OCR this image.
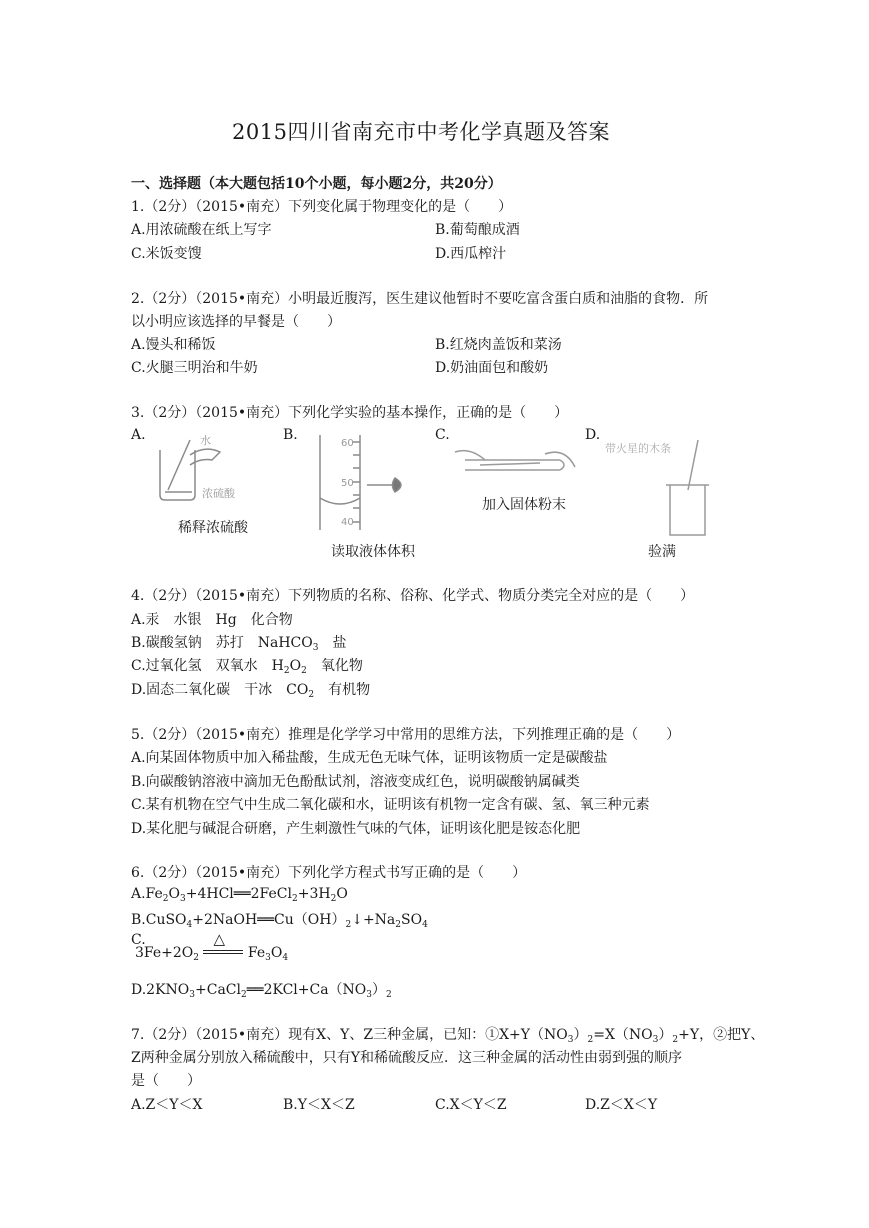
2015四川省南充市中考化学真题及答案
一、选择题（本大题包括10个小题，每小题2分，共20分）
1.（2分）（2015•南充）下列变化属于物理变化的是（　　）
A.用浓硫酸在纸上写字	B.葡萄酿成酒
C.米饭变馊	D.西瓜榨汁
2.（2分）（2015•南充）小明最近腹泻，医生建议他暂时不要吃富含蛋白质和油脂的食物．所
以小明应该选择的早餐是（　　）
A.馒头和稀饭	B.红烧肉盖饭和菜汤
C.火腿三明治和牛奶	D.奶油面包和酸奶
3.（2分）（2015•南充）下列化学实验的基本操作，正确的是（　　）
A.	B.	C.	D.
水
浓硫酸
稀释浓硫酸
60
50
40
读取液体体积
加入固体粉末
带火星的木条
验满
4.（2分）（2015•南充）下列物质的名称、俗称、化学式、物质分类完全对应的是（　　）
A.汞　水银　Hg　化合物
B.碳酸氢钠　苏打　NaHCO$_3$　盐
C.过氧化氢　双氧水　$H_2O_2$　氧化物
D.固态二氧化碳　干冰　$CO_2$　有机物
5.（2分）（2015•南充）推理是化学学习中常用的思维方法，下列推理正确的是（　　）
A.向某固体物质中加入稀盐酸，生成无色无味气体，证明该物质一定是碳酸盐
B.向碳酸钠溶液中滴加无色酚酞试剂，溶液变成红色，说明碳酸钠属碱类
C.某有机物在空气中生成二氧化碳和水，证明该有机物一定含有碳、氢、氧三种元素
D.某化肥与碱混合研磨，产生刺激性气味的气体，证明该化肥是铵态化肥
6.（2分）（2015•南充）下列化学方程式书写正确的是（　　）
$A.Fe_2O_3+4HCl══2FeCl_2+3H_2O$
$B.CuSO_4+2NaOH══Cu(OH)_2↓+Na_2SO_4$
C.
$3Fe+2O_2$
△
$Fe_3O_4$
$D.2KNO_3+CaCl_2══2KCl+Ca(NO_3)_2$
7.（2分）（2015•南充）现有X、Y、Z三种金属，已知：$①X+Y(NO_3)_2=X(NO_3)_2+Y$，②把Y、
Z两种金属分别放入稀硫酸中，只有Y和稀硫酸反应．这三种金属的活动性由弱到强的顺序
是（　　）
A.Z＜Y＜X	B.Y＜X＜Z	C.X＜Y＜Z	D.Z＜X＜Y
